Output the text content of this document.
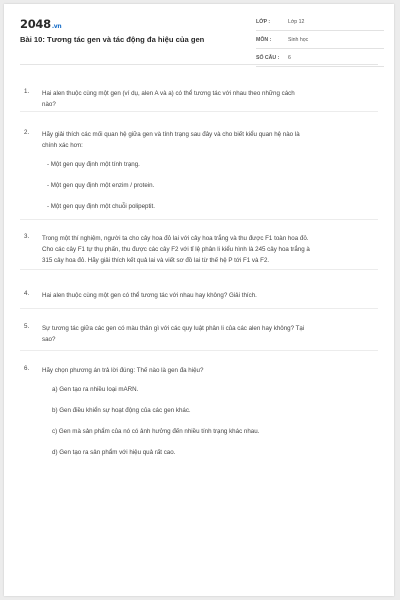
2048.vn
Bài 10: Tương tác gen và tác động đa hiệu của gen
LỚP :	Lớp 12
MÔN :	Sinh học
SỐ CÂU : 6
1. Hai alen thuộc cùng một gen (ví dụ, alen A và a) có thể tương tác với nhau theo những cách
nào?
2. Hãy giải thích các mối quan hệ giữa gen và tính trạng sau đây và cho biết kiểu quan hệ nào là
chính xác hơn:
- Một gen quy định một tính trạng.
- Một gen quy định một enzim / protein.
- Một gen quy định một chuỗi polipeptit.
3. Trong một thí nghiệm, người ta cho cây hoa đỏ lai với cây hoa trắng và thu được F1 toàn hoa đỏ.
Cho các cây F1 tự thụ phấn, thu được các cây F2 với tỉ lệ phân li kiểu hình là 245 cây hoa trắng à
315 cây hoa đỏ. Hãy giải thích kết quả lai và viết sơ đồ lai từ thế hệ P tới F1 và F2.
4. Hai alen thuộc cùng một gen có thể tương tác với nhau hay không? Giải thích.
5. Sự tương tác giữa các gen có màu thân gì với các quy luật phân li của các alen hay không? Tại
sao?
6. Hãy chọn phương án trả lời đúng: Thế nào là gen đa hiệu?
a) Gen tạo ra nhiều loại mARN.
b) Gen điều khiển sự hoạt động của các gen khác.
c) Gen mà sản phẩm của nó có ảnh hưởng đến nhiều tính trạng khác nhau.
d) Gen tạo ra sản phẩm với hiệu quả rất cao.
